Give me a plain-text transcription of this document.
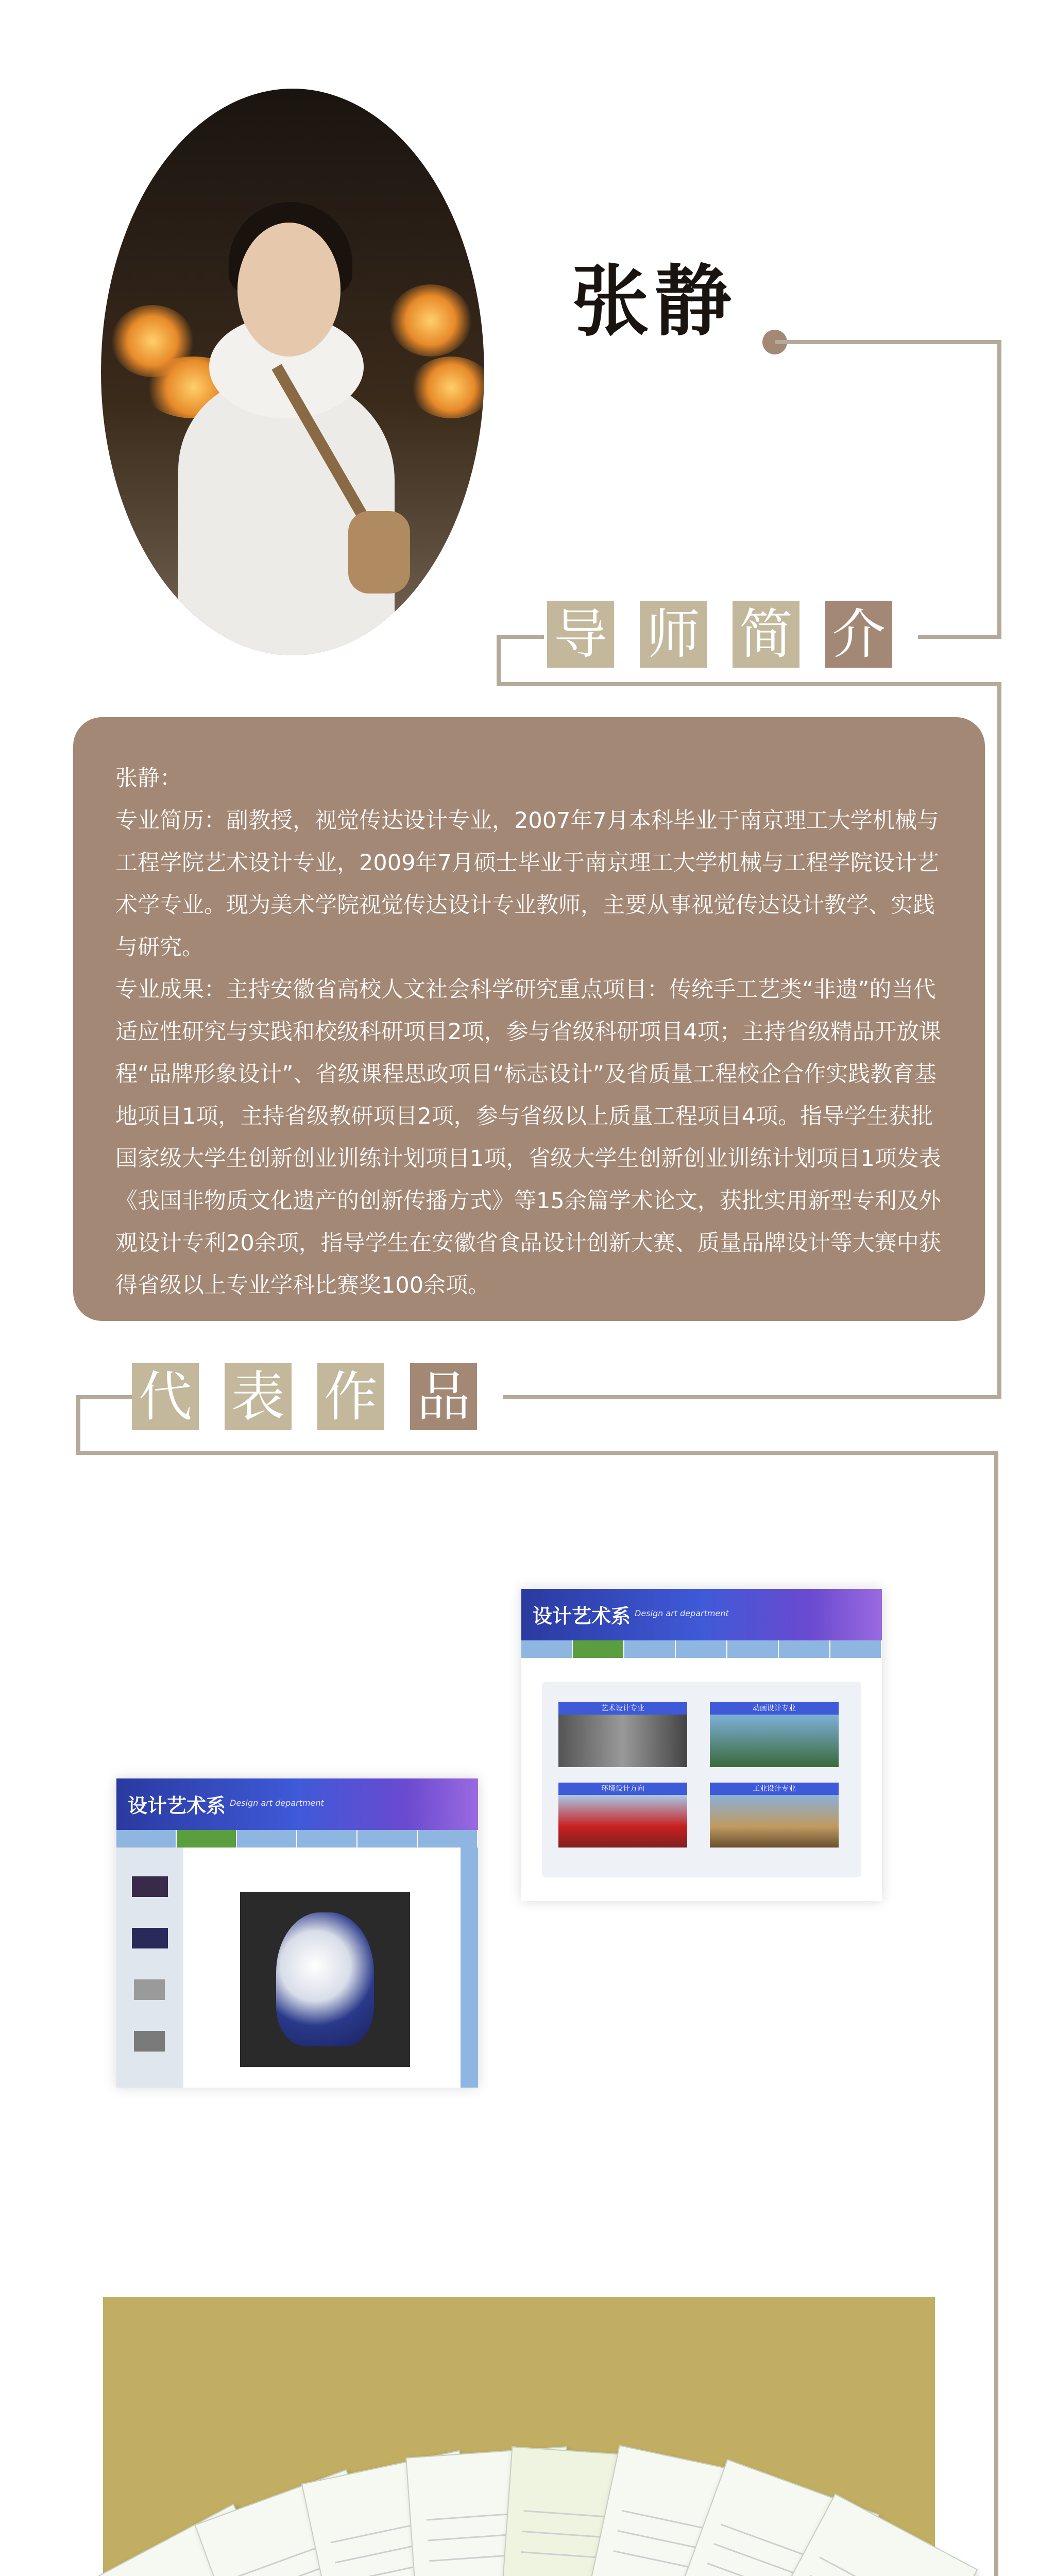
张静
导 师 简 介

张静：

专业简历：副教授，视觉传达设计专业，2007年7月本科毕业于南京理工大学机械与工程学院艺术设计专业，2009年7月硕士毕业于南京理工大学机械与工程学院设计艺术学专业。现为美术学院视觉传达设计专业教师，主要从事视觉传达设计教学、实践与研究。

专业成果：主持安徽省高校人文社会科学研究重点项目：传统手工艺类“非遗”的当代适应性研究与实践和校级科研项目2项，参与省级科研项目4项；主持省级精品开放课程“品牌形象设计”、省级课程思政项目“标志设计”及省质量工程校企合作实践教育基地项目1项，主持省级教研项目2项，参与省级以上质量工程项目4项。指导学生获批国家级大学生创新创业训练计划项目1项，省级大学生创新创业训练计划项目1项发表《我国非物质文化遗产的创新传播方式》等15余篇学术论文，获批实用新型专利及外观设计专利20余项，指导学生在安徽省食品设计创新大赛、质量品牌设计等大赛中获得省级以上专业学科比赛奖100余项。

代 表 作 品
设计艺术系 Design art department
艺术设计专业	动画设计专业
环境设计方向	工业设计专业
设计艺术系 Design art department
